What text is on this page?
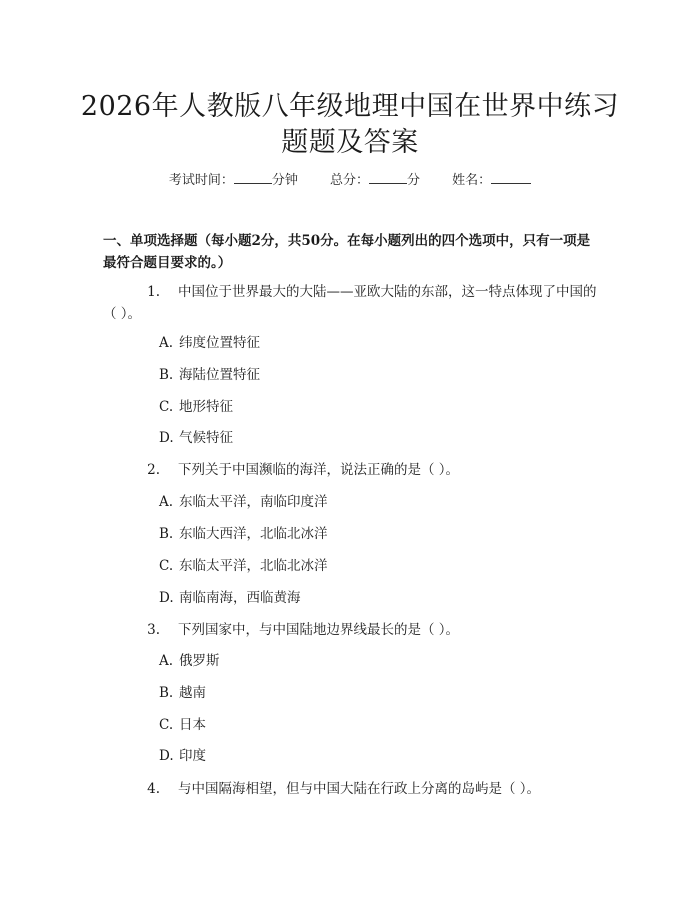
2026年人教版八年级地理中国在世界中练习
题题及答案
考试时间：	分钟 总分：	分 姓名：

一、单项选择题（每小题2分，共50分。在每小题列出的四个选项中，只有一项是最符合题目要求的。）

1. 中国位于世界最大的大陆——亚欧大陆的东部，这一特点体现了中国的（ ）。
A. 纬度位置特征
B. 海陆位置特征
C. 地形特征
D. 气候特征
2. 下列关于中国濒临的海洋，说法正确的是（ ）。
A. 东临太平洋，南临印度洋
B. 东临大西洋，北临北冰洋
C. 东临太平洋，北临北冰洋
D. 南临南海，西临黄海
3. 下列国家中，与中国陆地边界线最长的是（ ）。
A. 俄罗斯
B. 越南
C. 日本
D. 印度
4. 与中国隔海相望，但与中国大陆在行政上分离的岛屿是（ ）。
